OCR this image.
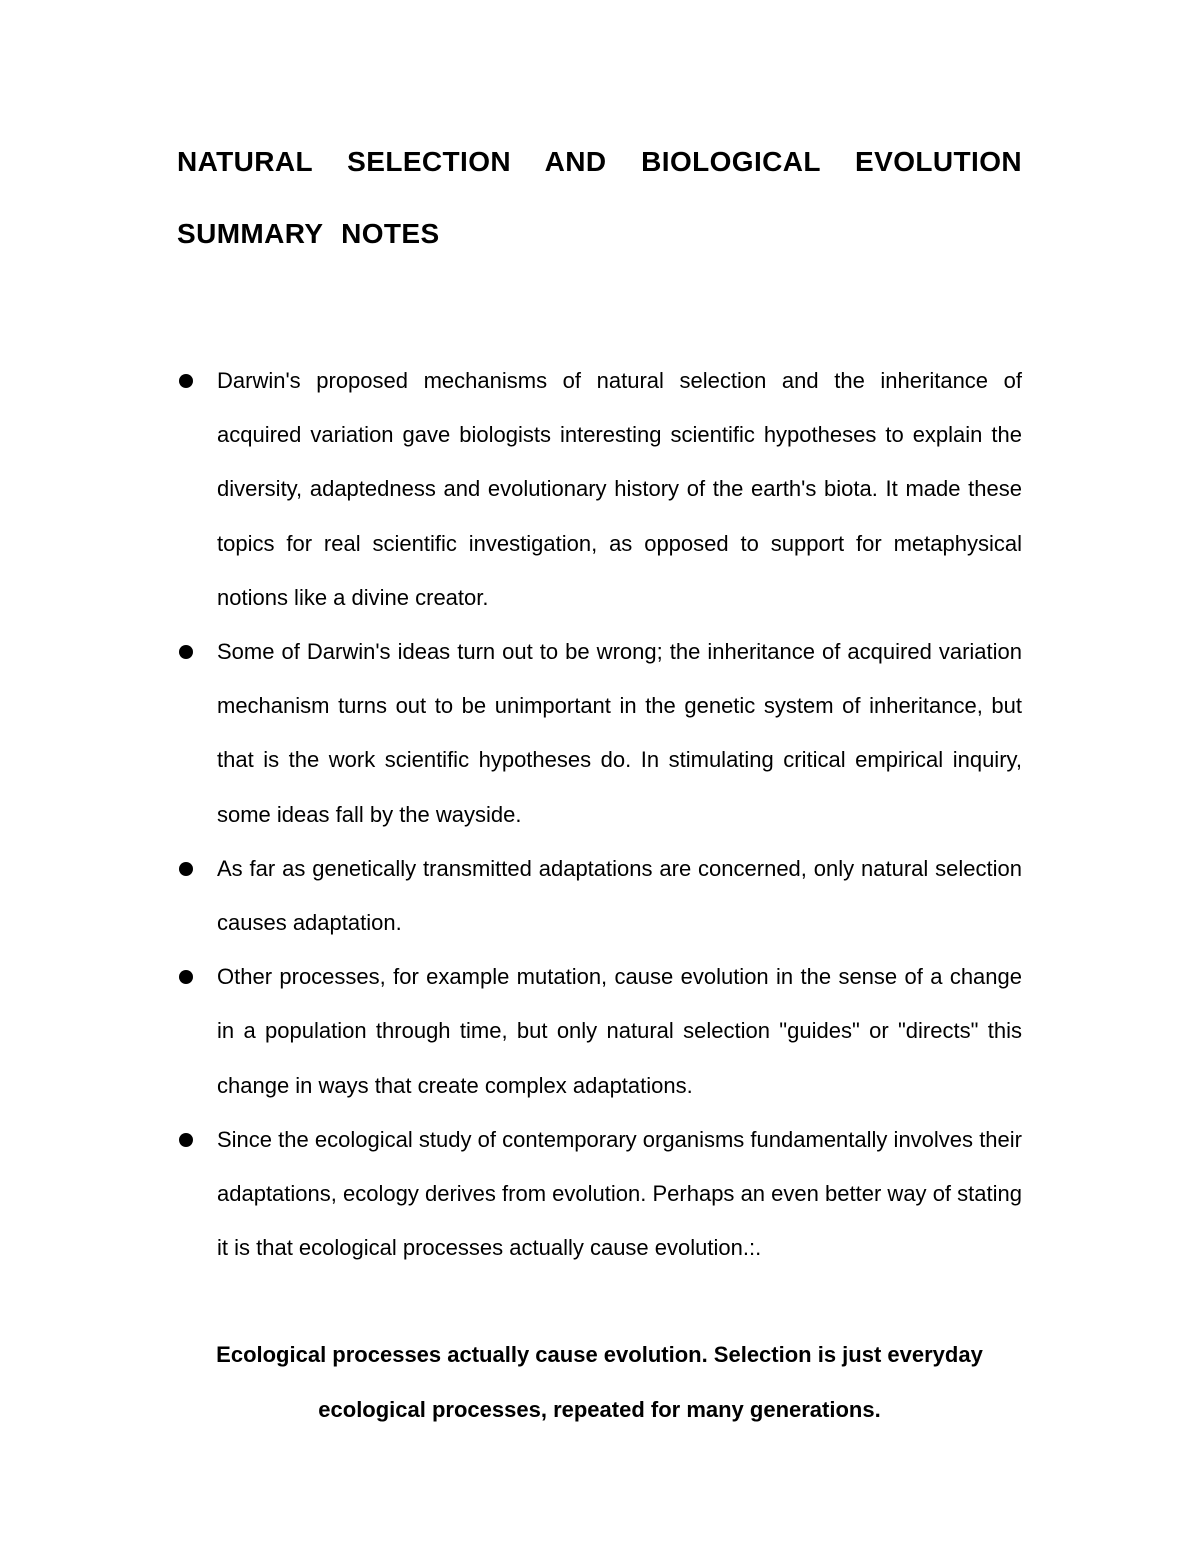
NATURAL SELECTION AND BIOLOGICAL EVOLUTION
SUMMARY NOTES
Darwin's proposed mechanisms of natural selection and the inheritance of acquired variation gave biologists interesting scientific hypotheses to explain the diversity, adaptedness and evolutionary history of the earth's biota. It made these topics for real scientific investigation, as opposed to support for metaphysical notions like a divine creator.
Some of Darwin's ideas turn out to be wrong; the inheritance of acquired variation mechanism turns out to be unimportant in the genetic system of inheritance, but that is the work scientific hypotheses do. In stimulating critical empirical inquiry, some ideas fall by the wayside.
As far as genetically transmitted adaptations are concerned, only natural selection causes adaptation.
Other processes, for example mutation, cause evolution in the sense of a change in a population through time, but only natural selection "guides" or "directs" this change in ways that create complex adaptations.
Since the ecological study of contemporary organisms fundamentally involves their adaptations, ecology derives from evolution. Perhaps an even better way of stating it is that ecological processes actually cause evolution.:.
Ecological processes actually cause evolution. Selection is just everyday
ecological processes, repeated for many generations.
